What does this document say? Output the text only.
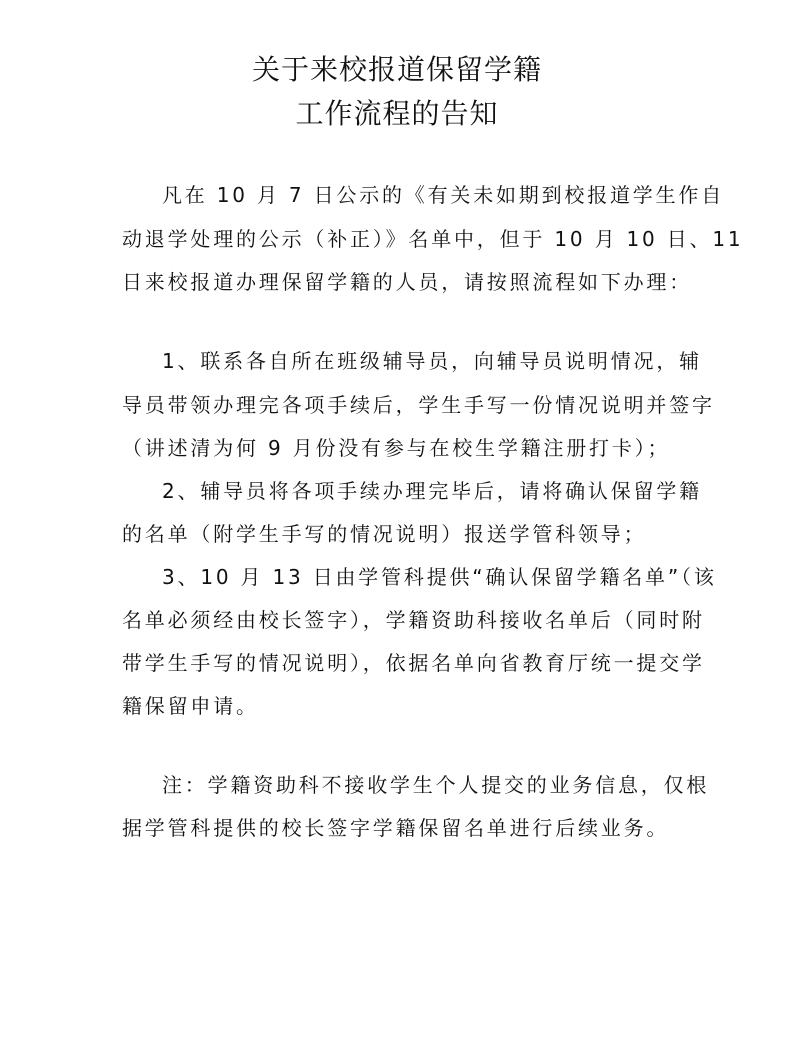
关于来校报道保留学籍
工作流程的告知
凡在 10 月 7 日公示的《有关未如期到校报道学生作自
动退学处理的公示（补正）》名单中，但于 10 月 10 日、11
日来校报道办理保留学籍的人员，请按照流程如下办理：
1、联系各自所在班级辅导员，向辅导员说明情况，辅
导员带领办理完各项手续后，学生手写一份情况说明并签字
（讲述清为何 9 月份没有参与在校生学籍注册打卡）；
2、辅导员将各项手续办理完毕后，请将确认保留学籍
的名单（附学生手写的情况说明）报送学管科领导；
3、10 月 13 日由学管科提供“确认保留学籍名单”（该
名单必须经由校长签字），学籍资助科接收名单后（同时附
带学生手写的情况说明），依据名单向省教育厅统一提交学
籍保留申请。
注：学籍资助科不接收学生个人提交的业务信息，仅根
据学管科提供的校长签字学籍保留名单进行后续业务。
